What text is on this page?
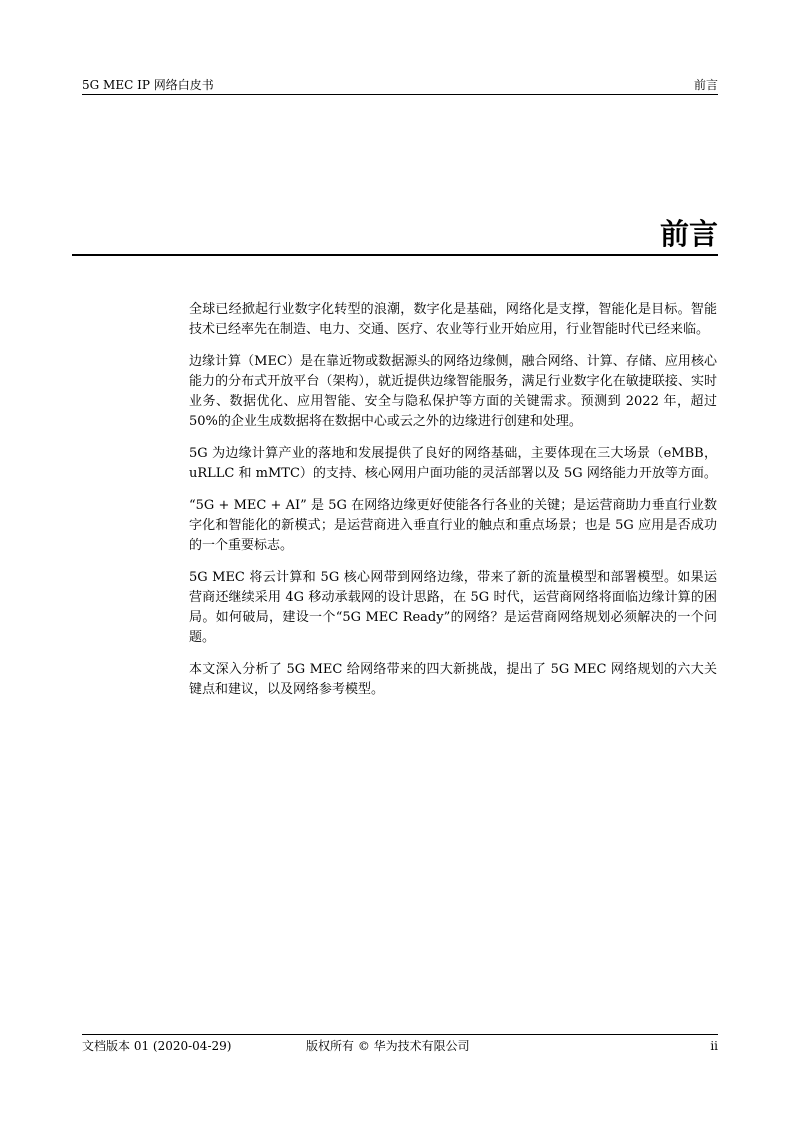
5G MEC IP 网络白皮书	前言
前言

全球已经掀起行业数字化转型的浪潮，数字化是基础，网络化是支撑，智能化是目标。智能技术已经率先在制造、电力、交通、医疗、农业等行业开始应用，行业智能时代已经来临。

边缘计算（MEC）是在靠近物或数据源头的网络边缘侧，融合网络、计算、存储、应用核心能力的分布式开放平台（架构），就近提供边缘智能服务，满足行业数字化在敏捷联接、实时业务、数据优化、应用智能、安全与隐私保护等方面的关键需求。预测到 2022 年，超过 50%的企业生成数据将在数据中心或云之外的边缘进行创建和处理。

5G 为边缘计算产业的落地和发展提供了良好的网络基础，主要体现在三大场景（eMBB， uRLLC 和 mMTC）的支持、核心网用户面功能的灵活部署以及 5G 网络能力开放等方面。

“5G + MEC + AI” 是 5G 在网络边缘更好使能各行各业的关键；是运营商助力垂直行业数字化和智能化的新模式；是运营商进入垂直行业的触点和重点场景；也是 5G 应用是否成功的一个重要标志。

5G MEC 将云计算和 5G 核心网带到网络边缘，带来了新的流量模型和部署模型。如果运营商还继续采用 4G 移动承载网的设计思路，在 5G 时代，运营商网络将面临边缘计算的困局。如何破局，建设一个“5G MEC Ready”的网络？是运营商网络规划必须解决的一个问题。

本文深入分析了 5G MEC 给网络带来的四大新挑战，提出了 5G MEC 网络规划的六大关键点和建议，以及网络参考模型。

文档版本 01 (2020-04-29)	版权所有 © 华为技术有限公司	ii
